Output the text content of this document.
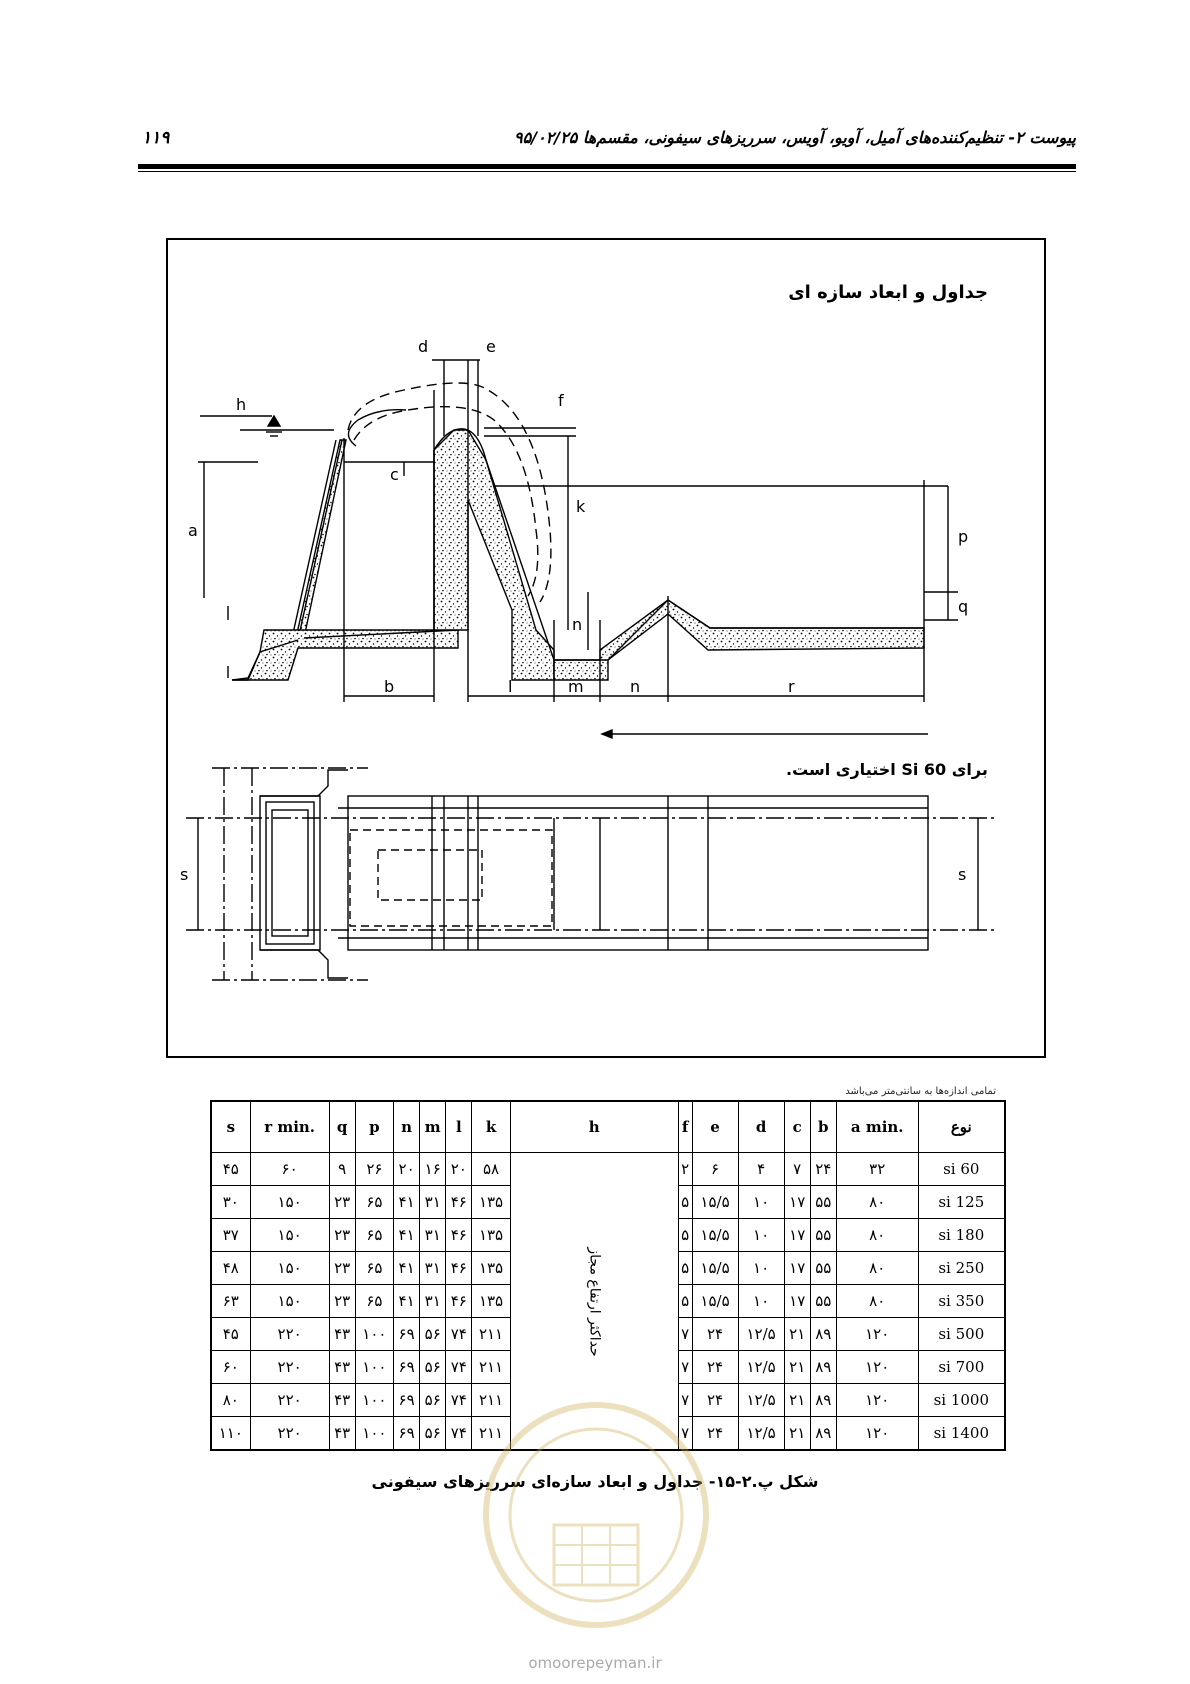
پیوست ۲- تنظیم‌کننده‌های آمیل، آویو، آویس، سرریزهای سیفونی، مقسم‌ها ۹۵/۰۲/۲۵
۱۱۹
جداول و ابعاد سازه ای
d	e
h	f
c
a
k
p
q
n
b	l	m	n	r
s	s
برای Si 60 اختیاری است.
تمامی اندازه‌ها به سانتی‌متر می‌باشد
s	r min.	q	p	n	m	l	k	h	f	e	d	c	b	a min.	نوع
۴۵	۶۰	۹	۲۶	۲۰	۱۶	۲۰	۵۸	حداکثر ارتفاع مجاز	۲	۶	۴	۷	۲۴	۳۲	si 60
۳۰	۱۵۰	۲۳	۶۵	۴۱	۳۱	۴۶	۱۳۵		۵	۱۵/۵	۱۰	۱۷	۵۵	۸۰	si 125
۳۷	۱۵۰	۲۳	۶۵	۴۱	۳۱	۴۶	۱۳۵		۵	۱۵/۵	۱۰	۱۷	۵۵	۸۰	si 180
۴۸	۱۵۰	۲۳	۶۵	۴۱	۳۱	۴۶	۱۳۵		۵	۱۵/۵	۱۰	۱۷	۵۵	۸۰	si 250
۶۳	۱۵۰	۲۳	۶۵	۴۱	۳۱	۴۶	۱۳۵		۵	۱۵/۵	۱۰	۱۷	۵۵	۸۰	si 350
۴۵	۲۲۰	۴۳	۱۰۰	۶۹	۵۶	۷۴	۲۱۱		۷	۲۴	۱۲/۵	۲۱	۸۹	۱۲۰	si 500
۶۰	۲۲۰	۴۳	۱۰۰	۶۹	۵۶	۷۴	۲۱۱		۷	۲۴	۱۲/۵	۲۱	۸۹	۱۲۰	si 700
۸۰	۲۲۰	۴۳	۱۰۰	۶۹	۵۶	۷۴	۲۱۱		۷	۲۴	۱۲/۵	۲۱	۸۹	۱۲۰	si 1000
۱۱۰	۲۲۰	۴۳	۱۰۰	۶۹	۵۶	۷۴	۲۱۱		۷	۲۴	۱۲/۵	۲۱	۸۹	۱۲۰	si 1400
شکل پ.۲-۱۵- جداول و ابعاد سازه‌ای سرریزهای سیفونی
omoorepeyman.ir
